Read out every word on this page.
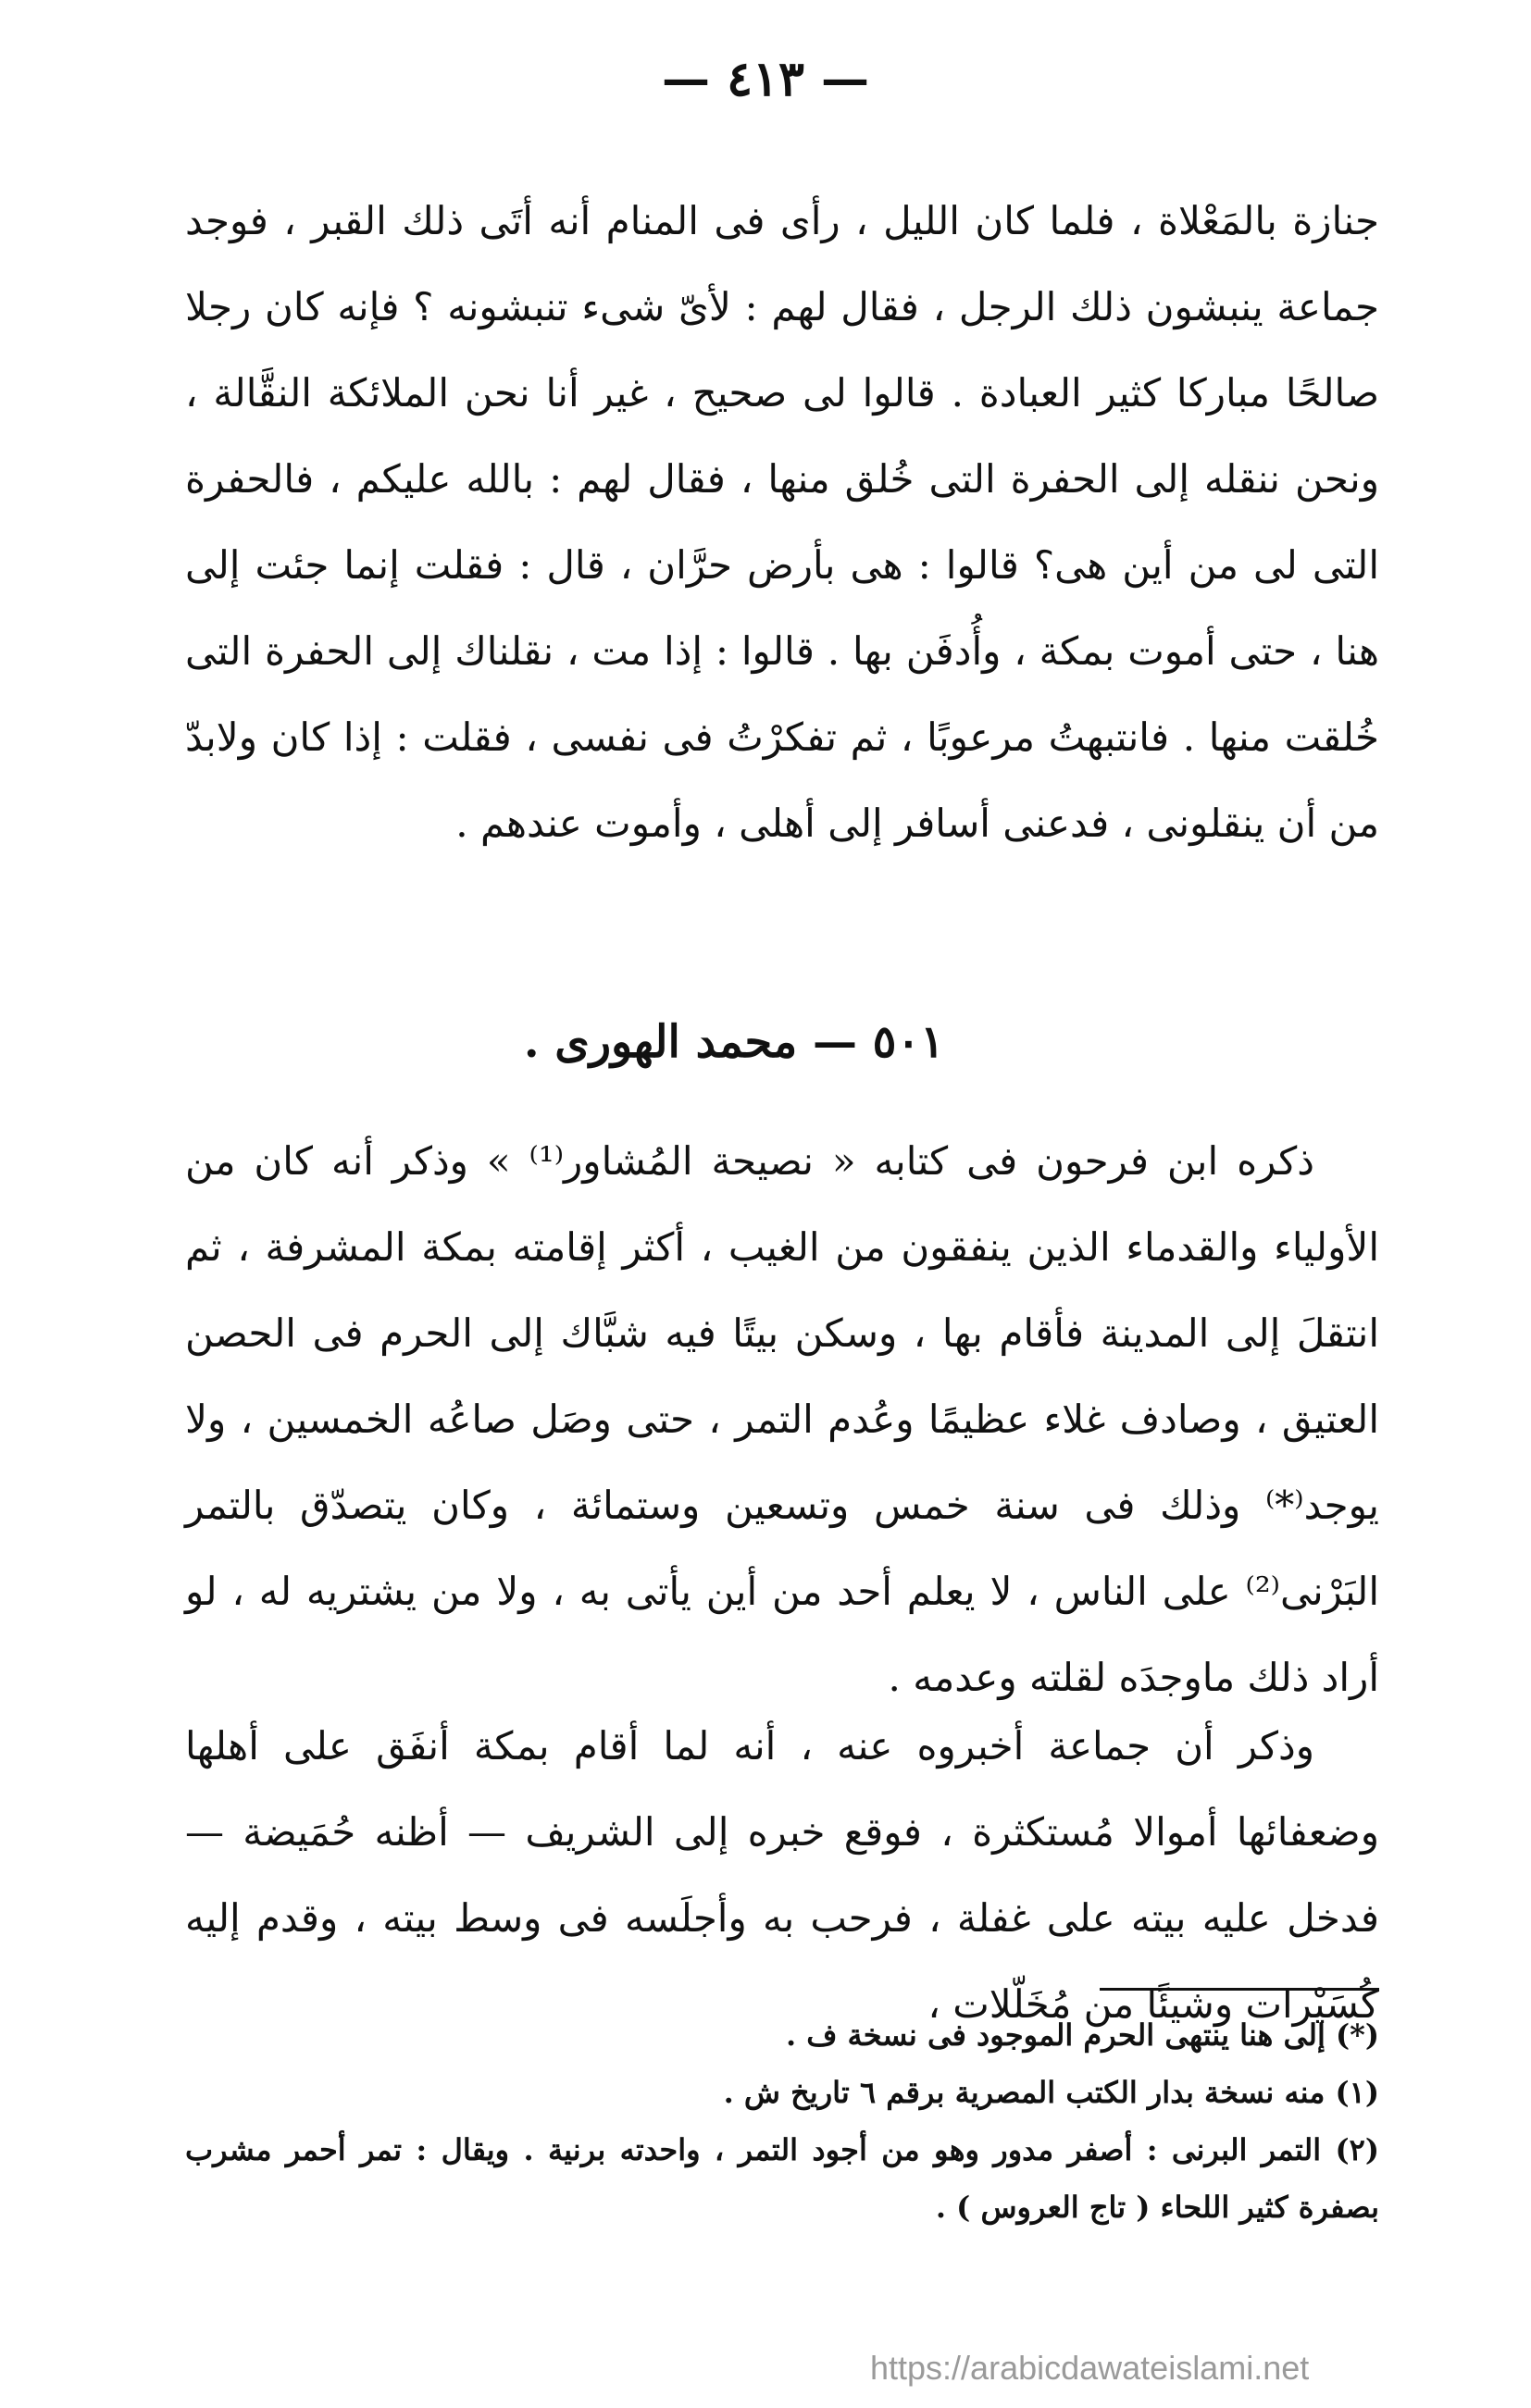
— ٤١٣ —

جنازة بالمَعْلاة ، فلما كان الليل ، رأى فى المنام أنه أتَى ذلك القبر ، فوجد جماعة ينبشون ذلك الرجل ، فقال لهم : لأىّ شىء تنبشونه ؟ فإنه كان رجلا صالحًا مباركا كثير العبادة . قالوا لى صحيح ، غير أنا نحن الملائكة النقَّالة ، ونحن ننقله إلى الحفرة التى خُلق منها ، فقال لهم : بالله عليكم ، فالحفرة التى لى من أين هى؟ قالوا : هى بأرض حرَّان ، قال : فقلت إنما جئت إلى هنا ، حتى أموت بمكة ، وأُدفَن بها . قالوا : إذا مت ، نقلناك إلى الحفرة التى خُلقت منها . فانتبهتُ مرعوبًا ، ثم تفكرْتُ فى نفسى ، فقلت : إذا كان ولابدّ من أن ينقلونى ، فدعنى أسافر إلى أهلى ، وأموت عندهم .

٥٠١ — محمد الهورى .

ذكره ابن فرحون فى كتابه « نصيحة المُشاور⁽¹⁾ » وذكر أنه كان من الأولياء والقدماء الذين ينفقون من الغيب ، أكثر إقامته بمكة المشرفة ، ثم انتقلَ إلى المدينة فأقام بها ، وسكن بيتًا فيه شبَّاك إلى الحرم فى الحصن العتيق ، وصادف غلاء عظيمًا وعُدم التمر ، حتى وصَل صاعُه الخمسين ، ولا يوجد⁽*⁾ وذلك فى سنة خمس وتسعين وستمائة ، وكان يتصدّق بالتمر البَرْنى⁽²⁾ على الناس ، لا يعلم أحد من أين يأتى به ، ولا من يشتريه له ، لو أراد ذلك ماوجدَه لقلته وعدمه .

وذكر أن جماعة أخبروه عنه ، أنه لما أقام بمكة أنفَق على أهلها وضعفائها أموالا مُستكثرة ، فوقع خبره إلى الشريف — أظنه حُمَيضة — فدخل عليه بيته على غفلة ، فرحب به وأجلَسه فى وسط بيته ، وقدم إليه كُسَيْرات وشيئًا من مُخَلّلات ،

(*) إلى هنا ينتهى الحرم الموجود فى نسخة ف .

(١) منه نسخة بدار الكتب المصرية برقم ٦ تاريخ ش .

(٢) التمر البرنى : أصفر مدور وهو من أجود التمر ، واحدته برنية . ويقال : تمر أحمر مشرب بصفرة كثير اللحاء ( تاج العروس ) .

https://arabicdawateislami.net
